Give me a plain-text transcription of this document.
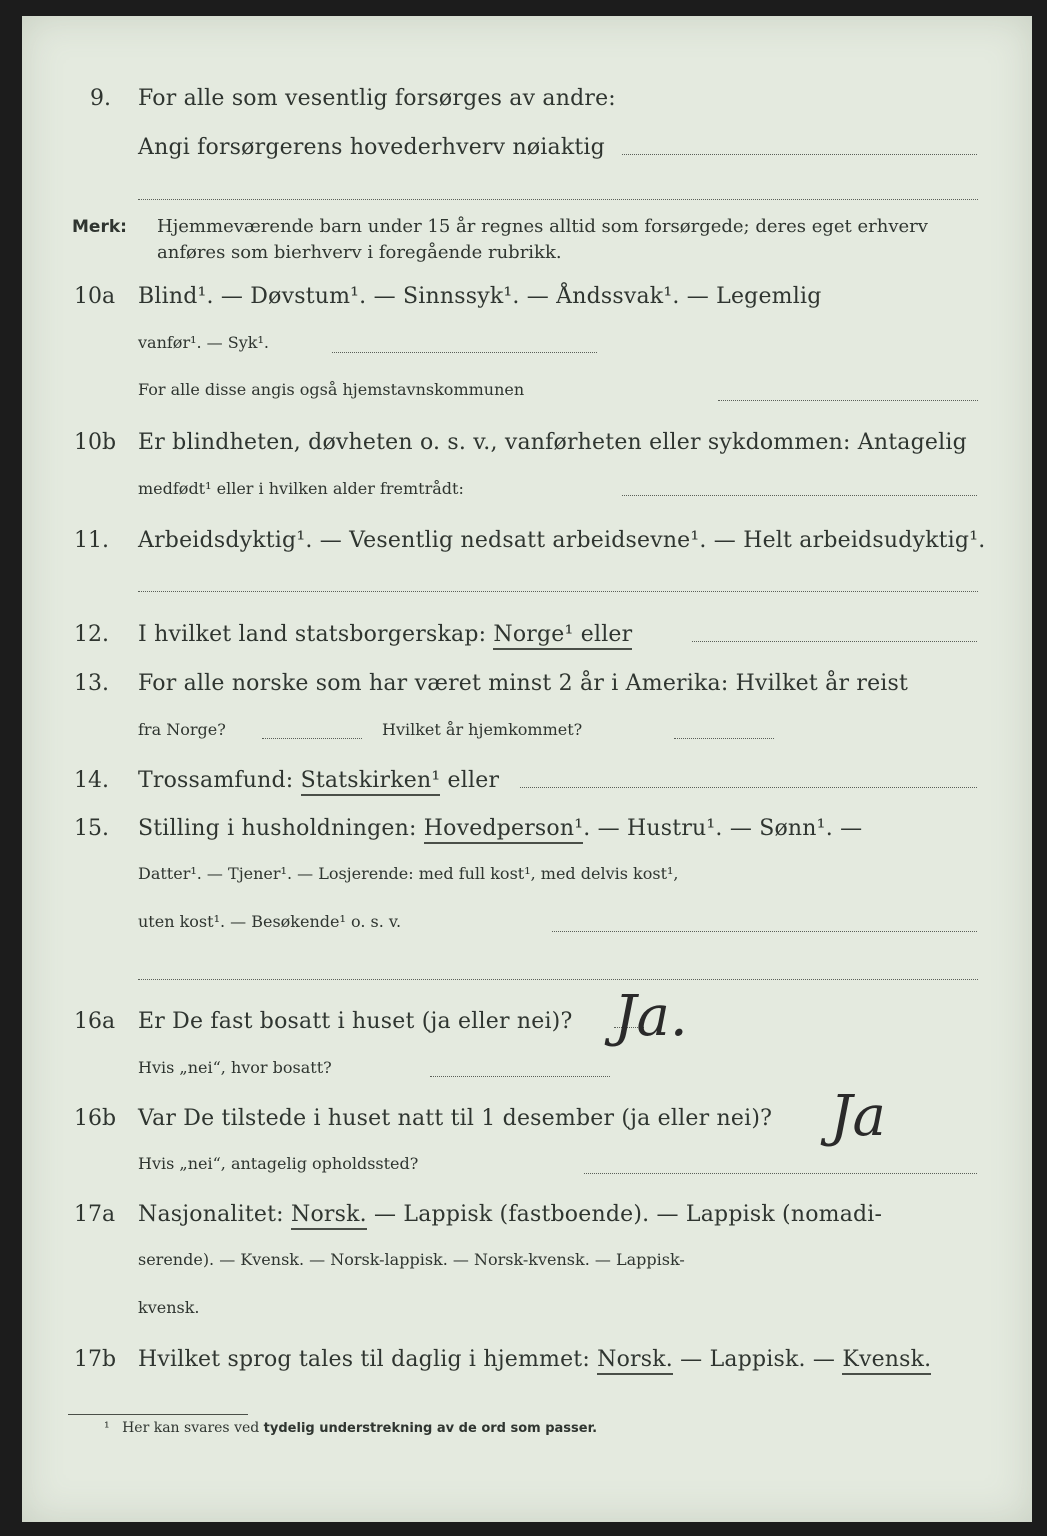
9. For alle som vesentlig forsørges av andre:
Angi forsørgerens hovederhverv nøiaktig
Merk: Hjemmeværende barn under 15 år regnes alltid som forsørgede; deres eget erhverv
anføres som bierhverv i foregående rubrikk.
10a Blind¹. — Døvstum¹. — Sinnssyk¹. — Åndssvak¹. — Legemlig
vanfør¹. — Syk¹.
For alle disse angis også hjemstavnskommunen
10b Er blindheten, døvheten o. s. v., vanførheten eller sykdommen: Antagelig
medfødt¹ eller i hvilken alder fremtrådt:
11. Arbeidsdyktig¹. — Vesentlig nedsatt arbeidsevne¹. — Helt arbeidsudyktig¹.
12. I hvilket land statsborgerskap: Norge¹ eller
13. For alle norske som har været minst 2 år i Amerika: Hvilket år reist
fra Norge?	Hvilket år hjemkommet?
14. Trossamfund: Statskirken¹ eller
15. Stilling i husholdningen: Hovedperson¹. — Hustru¹. — Sønn¹. —
Datter¹. — Tjener¹. — Losjerende: med full kost¹, med delvis kost¹,
uten kost¹. — Besøkende¹ o. s. v.
16a Er De fast bosatt i huset (ja eller nei)? Ja.
Hvis „nei“, hvor bosatt?
16b Var De tilstede i huset natt til 1 desember (ja eller nei)? Ja
Hvis „nei“, antagelig opholdssted?
17a Nasjonalitet: Norsk. — Lappisk (fastboende). — Lappisk (nomadi-
serende). — Kvensk. — Norsk-lappisk. — Norsk-kvensk. — Lappisk-
kvensk.
17b Hvilket sprog tales til daglig i hjemmet: Norsk. — Lappisk. — Kvensk.
¹ Her kan svares ved tydelig understrekning av de ord som passer.
